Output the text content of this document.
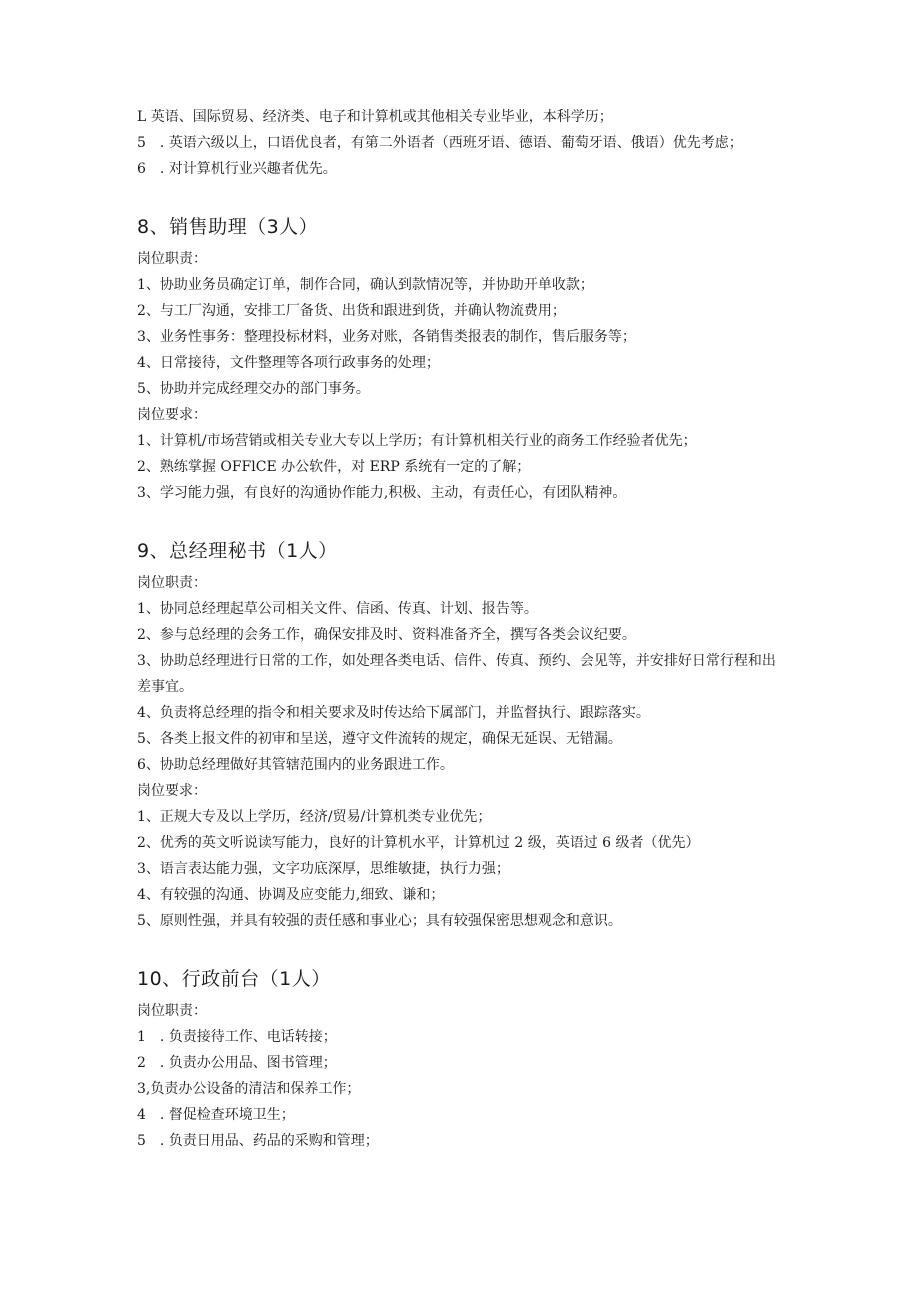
L 英语、国际贸易、经济类、电子和计算机或其他相关专业毕业，本科学历；
5　. 英语六级以上，口语优良者，有第二外语者（西班牙语、德语、葡萄牙语、俄语）优先考虑；
6　. 对计算机行业兴趣者优先。
8、销售助理（3人）
岗位职责：
1、协助业务员确定订单，制作合同，确认到款情况等，并协助开单收款；
2、与工厂沟通，安排工厂备货、出货和跟进到货，并确认物流费用；
3、业务性事务：整理投标材料，业务对账，各销售类报表的制作，售后服务等；
4、日常接待，文件整理等各项行政事务的处理；
5、协助并完成经理交办的部门事务。
岗位要求：
1、计算机/市场营销或相关专业大专以上学历；有计算机相关行业的商务工作经验者优先；
2、熟练掌握 OFFlCE 办公软件，对 ERP 系统有一定的了解；
3、学习能力强，有良好的沟通协作能力,积极、主动，有责任心，有团队精神。
9、总经理秘书（1人）
岗位职责：
1、协同总经理起草公司相关文件、信函、传真、计划、报告等。
2、参与总经理的会务工作，确保安排及时、资料准备齐全，撰写各类会议纪要。
3、协助总经理进行日常的工作，如处理各类电话、信件、传真、预约、会见等，并安排好日常行程和出差事宜。
4、负责将总经理的指令和相关要求及时传达给下属部门，并监督执行、跟踪落实。
5、各类上报文件的初审和呈送，遵守文件流转的规定，确保无延误、无错漏。
6、协助总经理做好其管辖范围内的业务跟进工作。
岗位要求：
1、正规大专及以上学历，经济/贸易/计算机类专业优先；
2、优秀的英文听说读写能力，良好的计算机水平，计算机过 2 级，英语过 6 级者（优先）
3、语言表达能力强，文字功底深厚，思维敏捷，执行力强；
4、有较强的沟通、协调及应变能力,细致、谦和；
5、原则性强，并具有较强的责任感和事业心；具有较强保密思想观念和意识。
10、行政前台（1人）
岗位职责：
1　. 负责接待工作、电话转接；
2　. 负责办公用品、图书管理；
3,负责办公设备的清洁和保养工作；
4　. 督促检查环境卫生；
5　. 负责日用品、药品的采购和管理；
